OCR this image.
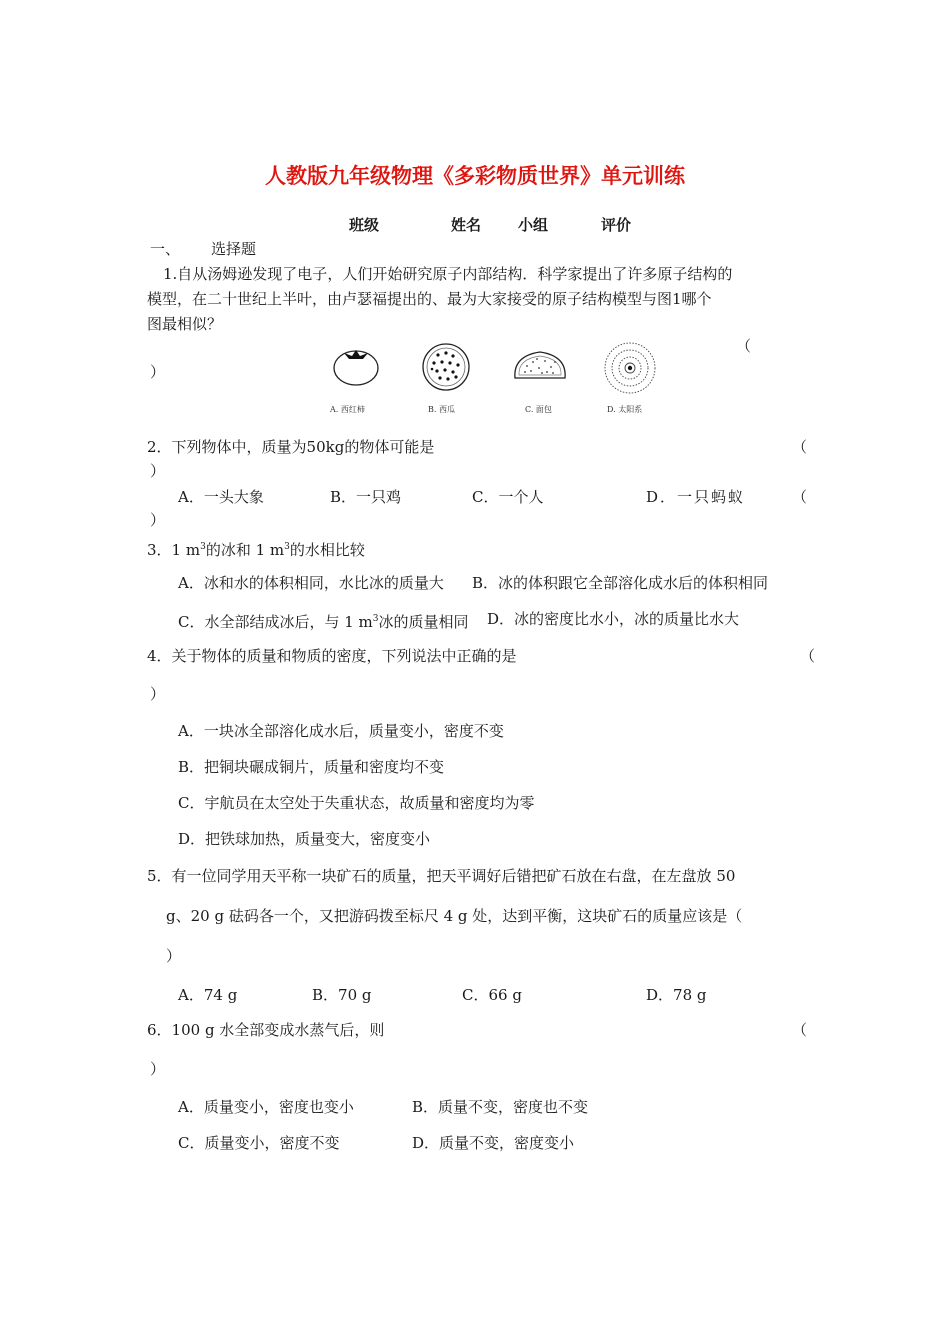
人教版九年级物理《多彩物质世界》单元训练
班级	姓名 小组	评价
一、 选择题
1.自从汤姆逊发现了电子，人们开始研究原子内部结构．科学家提出了许多原子结构的
模型，在二十世纪上半叶，由卢瑟福提出的、最为大家接受的原子结构模型与图1哪个
图最相似？
（
）
A. 西红柿	B. 西瓜	C. 面包	D. 太阳系
2．下列物体中，质量为50kg的物体可能是	（
）
A．一头大象	B．一只鸡	C．一个人	D．一只蚂蚁	（
）
3．1 $m^3$的冰和 1 $m^3$的水相比较
A．冰和水的体积相同，水比冰的质量大 B．冰的体积跟它全部溶化成水后的体积相同
C．水全部结成冰后，与 1 $m^3$冰的质量相同 D．冰的密度比水小，冰的质量比水大
4．关于物体的质量和物质的密度，下列说法中正确的是	（
）
A．一块冰全部溶化成水后，质量变小，密度不变
B．把铜块碾成铜片，质量和密度均不变
C．宇航员在太空处于失重状态，故质量和密度均为零
D．把铁球加热，质量变大，密度变小
5．有一位同学用天平称一块矿石的质量，把天平调好后错把矿石放在右盘，在左盘放 50
g、20 g 砝码各一个，又把游码拨至标尺 4 g 处，达到平衡，这块矿石的质量应该是（
）
A．74 g	B．70 g	C．66 g	D．78 g
6．100 g 水全部变成水蒸气后，则	（
）
A．质量变小，密度也变小	B．质量不变，密度也不变
C．质量变小，密度不变	D．质量不变，密度变小
